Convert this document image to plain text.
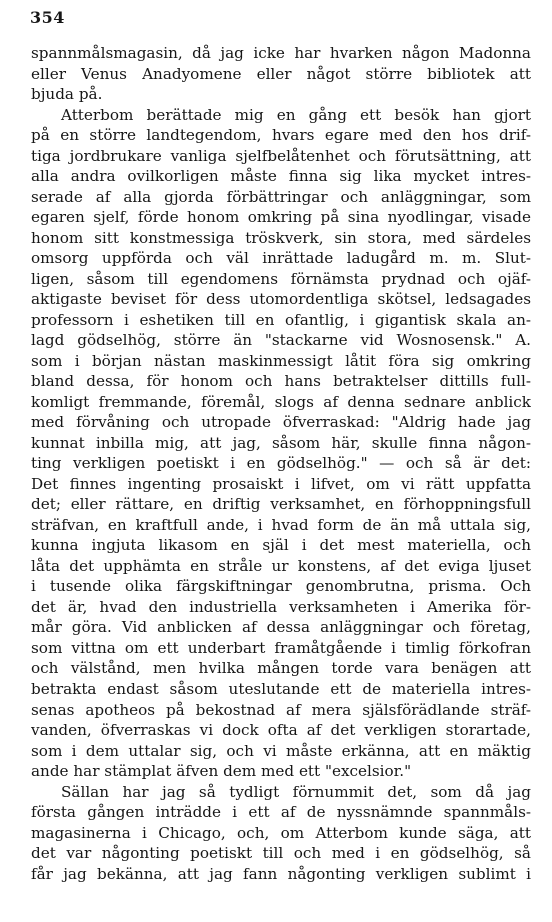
354
spannmålsmagasin, då jag icke har hvarken någon Madonna
eller Venus Anadyomene eller något större bibliotek att
bjuda på.
Atterbom berättade mig en gång ett besök han gjort
på en större landtegendom, hvars egare med den hos drif-
tiga jordbrukare vanliga sjelfbelåtenhet och förutsättning, att
alla andra ovilkorligen måste finna sig lika mycket intres-
serade af alla gjorda förbättringar och anläggningar, som
egaren sjelf, förde honom omkring på sina nyodlingar, visade
honom sitt konstmessiga tröskverk, sin stora, med särdeles
omsorg uppförda och väl inrättade ladugård m. m. Slut-
ligen, såsom till egendomens förnämsta prydnad och ojäf-
aktigaste beviset för dess utomordentliga skötsel, ledsagades
professorn i eshetiken till en ofantlig, i gigantisk skala an-
lagd gödselhög, större än "stackarne vid Wosnosensk." A.
som i början nästan maskinmessigt låtit föra sig omkring
bland dessa, för honom och hans betraktelser dittills full-
komligt fremmande, föremål, slogs af denna sednare anblick
med förvåning och utropade öfverraskad: "Aldrig hade jag
kunnat inbilla mig, att jag, såsom här, skulle finna någon-
ting verkligen poetiskt i en gödselhög." — och så är det:
Det finnes ingenting prosaiskt i lifvet, om vi rätt uppfatta
det; eller rättare, en driftig verksamhet, en förhoppningsfull
sträfvan, en kraftfull ande, i hvad form de än må uttala sig,
kunna ingjuta likasom en själ i det mest materiella, och
låta det upphämta en stråle ur konstens, af det eviga ljuset
i tusende olika färgskiftningar genombrutna, prisma. Och
det är, hvad den industriella verksamheten i Amerika för-
mår göra. Vid anblicken af dessa anläggningar och företag,
som vittna om ett underbart framåtgående i timlig förkofran
och välstånd, men hvilka mången torde vara benägen att
betrakta endast såsom uteslutande ett de materiella intres-
senas apotheos på bekostnad af mera själsförädlande sträf-
vanden, öfverraskas vi dock ofta af det verkligen storartade,
som i dem uttalar sig, och vi måste erkänna, att en mäktig
ande har stämplat äfven dem med ett "excelsior."
Sällan har jag så tydligt förnummit det, som då jag
första gången inträdde i ett af de nyssnämnde spannmåls-
magasinerna i Chicago, och, om Atterbom kunde säga, att
det var någonting poetiskt till och med i en gödselhög, så
får jag bekänna, att jag fann någonting verkligen sublimt i
